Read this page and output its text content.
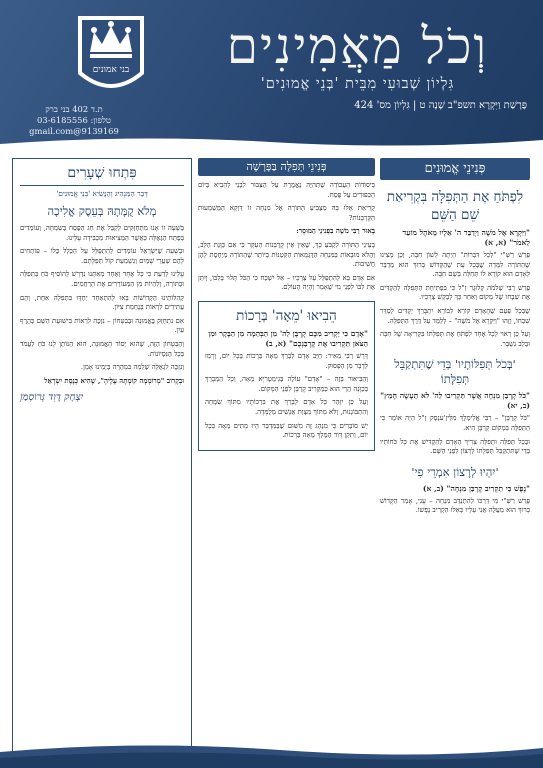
בני אמונים	וְכֹל מַאֲמִינִים
גִּלְיוֹן שְׁבוּעִי מִבֵּית 'בְּנֵי אֱמוּנִים'
פָּרָשַׁת וַיִּקְרָא תשפ"ב שָׁנָה ט | גִּלְיוֹן מס' 424
ת.ד 402 בני ברק
טלפון: 03-6185556
9139169@gmail.com
פְּנִינֵי אֱמוּנִים
לִפְתֹּחַ אֶת הַתְּפִלָּה בִּקְרִיאַת שֵׁם הַשֵּׁם
"וַיִּקְרָא אֶל מֹשֶׁה וַיְדַבֵּר ה' אֵלָיו מֵאֹהֶל מוֹעֵד לֵאמֹר" (א, א)

פֵּרֵשׁ רַשִּׁ"י "לְכָל דִּבְּרוֹת" הָיְתָה לָשׁוֹן חִבָּה, וְכֵן מָצִינוּ שֶׁהַתּוֹרָה לִמְּדָה שֶׁבְּכָל עֵת שֶׁהַקָּדוֹשׁ בָּרוּךְ הוּא מְדַבֵּר לָאָדָם הוּא קוֹרֵא לוֹ תְּחִלָּה בְּשֵׁם חִבָּה.

פֵּרֵשׁ רַבִּי שְׁלֹמֹה קְלוּגֶר זַ"ל כִּי בִּפְתִיחַת הַתְּפִלָּה לְהַקְדִּים אֶת שַׁבְחוֹ שֶׁל מָקוֹם וְאַחַר כָּךְ לְבַקֵּשׁ צְרָכָיו.

שֶׁבְּכָל פַּעַם שֶׁהָאָדָם קוֹרֵא לַבּוֹרֵא יִתְבָּרַךְ יַקְדִּים לְסַדֵּר שִׁבְחוֹ, וְזֶהוּ "וַיִּקְרָא אֶל מֹשֶׁה" – לְלַמֵּד עַל דֶּרֶךְ הַתְּפִלָּה.

וְעַל כֵּן רָאוּי לְכָל אֶחָד לִפְתֹּחַ אֶת תְּפִלָּתוֹ בִּקְרִיאָה שֶׁל חִבָּה וּבְלֵב נִשְׁבָּר.

'בְּכֹל תְּפִלּוֹתָיו' בְּדֵי שֶׁתִּתְקַבֵּל תְּפִלָּתוֹ
"כֹּל קָרְבַּן מִנְחָה אֲשֶׁר תַּקְרִיבוּ לַה' לֹא תֵעָשֶׂה חָמֵץ" (ב, יא)

"כֹּל קָרְבָּן" – רַבִּי אֱלִימֶלֶךְ מִלִּיזֶ'ענְסְק זַ"ל הָיָה אוֹמֵר כִּי הַתְּפִלָּה בִּמְקוֹם קָרְבָּן הִיא.

וּבְכָל תְּפִלָּה וּתְפִלָּה צָרִיךְ הָאָדָם לְהַקְדִּישׁ אֶת כָּל כֹּחוֹתָיו בְּדֵי שֶׁתִּתְקַבֵּל תְּפִלָּתוֹ לְרָצוֹן לִפְנֵי הַשֵּׁם.

'יִהְיוּ לְרָצוֹן אִמְרֵי פִי'
"נֶפֶשׁ כִּי תַקְרִיב קָרְבַּן מִנְחָה" (ב, א)

פֵּרֵשׁ רַשִּׁ"י מִי דַּרְכּוֹ לְהִתְנַדֵּב מִנְחָה – עָנִי, אָמַר הַקָּדוֹשׁ בָּרוּךְ הוּא מַעֲלֶה אֲנִי עָלָיו כְּאִלּוּ הִקְרִיב נַפְשׁוֹ.

פְּנִינֵי תְּפִלָּה בַּפָּרָשָׁה

בִּיסוֹדוֹת הָעֲבוֹדָה שֶׁתְּהִיֶּה נֶאֱמֶרֶת עַל הַצִּבּוּר לִבְנֵי לְהָבִיא בְּיוֹם הַכִּפּוּרִים עַל פֶּסַח.

קְרִיאַת אֵלּוּ בָּהּ מַצְבִּיעַ הַתּוֹרָה אֶל מִנְחָה זוֹ דַּוְקָא הַמַּשְׁמָעוּת הַקָּרְבָּנוֹת?

בָּאוּר רַבִּי מֹשֶׁה בִּפְנִינֵי הַמּוּסָר:

בְּעֵינֵי הַתּוֹרָה לִקְבֹּעַ כָּךְ, שֶׁאֵין אֵין קָרְבָּנוֹת הָעִקָּר כִּי אִם כַּוָּנַת הַלֵּב, וַהֲלֹא מוּבָאוֹת בַּמִּנְחָה הַדֻּגְמָאוֹת הַקְּטַנּוֹת בְּיוֹתֵר שֶׁהַתּוֹרָה מְיַחֶסֶת לָהֶן חֲשִׁיבוּת.

אִם אָדָם בָּא לְהִתְפַּלֵּל עַל צְרָכָיו – אַל יִשְׁכַּח כִּי הַכֹּל תָּלוּי בְּלִבּוֹ, וְיִתֵּן אֶת לִבּוֹ לִפְנֵי מִי שֶׁאָמַר וְהָיָה הָעוֹלָם.

הֵבִיאוּ 'מֵאָה' בְּרָכוֹת
"אָדָם כִּי יַקְרִיב מִכֶּם קָרְבָּן לַה' מִן הַבְּהֵמָה מִן הַבָּקָר וּמִן הַצֹּאן תַּקְרִיבוּ אֶת קָרְבַּנְכֶם" (א, ב)

דָּרַשׁ רַבִּי מֵאִיר: חַיָּב אָדָם לְבָרֵךְ מֵאָה בְּרָכוֹת בְּכָל יוֹם, וְרָמַז לְדָבָר מִן הַפָּסוּק.

וְהַבִּיאוּר בָּזֶה – "אָדָם" עוֹלֶה בְּגִימַטְרִיָּא מֵאָה, וְכָל הַמְבָרֵךְ בְּכַוָּנָה הֲרֵי הוּא כְּמַקְרִיב קָרְבָּן לִפְנֵי הַמָּקוֹם.

וְעַל כֵּן יִזָּהֵר כָּל אָדָם לְבָרֵךְ אֶת בִּרְכוֹתָיו מִתּוֹךְ שִׂמְחָה וְהִתְבּוֹנְנוּת, וְלֹא מִתּוֹךְ מִצְוַת אֲנָשִׁים מְלֻמָּדָה.

יְשׁ סוֹבְרִים כִּי מִנְהָג זֶה מִשּׁוּם שֶׁבַּמִּדְבָּר הָיוּ מֵתִים מֵאָה בְּכָל יוֹם, וְתִקֵּן דָּוִד הַמֶּלֶךְ מֵאָה בְּרָכוֹת.

פִּתְחוּ שְׁעָרִים
דְּבַר הַמַּנְהִיג וְהַנָּשִׂיא 'בְּנֵי אֱמוּנִים'
מְלֹא קֻמָּתָהּ בְּעֵסֶק אֱלִיכָה

בְּשָׁעָה זוֹ אָנוּ מִתְחַזְּקִים לְקַבֵּל אֶת חַג הַפֶּסַח בְּשִׂמְחָה, וְעוֹמְדִים בְּפֶתַח הַגְּאֻלָּה כַּאֲשֶׁר הַמְּצִיאוּת מַכְבִּידָה עָלֵינוּ.

וּבְשָׁעָה שֶׁיִּשְׂרָאֵל עוֹמְדִים לְהִתְפַּלֵּל עַל הַכְּלָל כֻּלּוֹ – פּוֹתְחִים לָהֶם שַׁעֲרֵי שָׁמַיִם וְנִשְׁמַעַת קוֹל תְּפִלָּתָם.

עָלֵינוּ לָדַעַת כִּי כָּל אֶחָד וְאֶחָד מֵאִתָּנוּ נִדְרָשׁ לְהוֹסִיף כֹּחַ בַּתְּפִלָּה וּבַתּוֹרָה, וְלִהְיוֹת מִן הַמְּעוֹרְרִים אֶת הָרַחֲמִים.

קְהִלּוֹתֵינוּ הַקְּדוֹשׁוֹת בָּאוּ לְהִתְאַחֵד יַחְדָּו בִּתְפִלָּה אַחַת, וְהֵם עֲתִידִים לִרְאוֹת בְּנֶחָמַת צִיּוֹן.

אִם נִתְחַזֵּק בֶּאֱמוּנָה וּבְבִטָּחוֹן – נִזְכֶּה לִרְאוֹת בִּישׁוּעַת הַשֵּׁם כְּהֶרֶף עַיִן.

וְהַבִּטָּחוֹן הַזֶּה, שֶׁהוּא יְסוֹד הָאֱמוּנָה, הוּא הַנּוֹתֵן לָנוּ כֹּחַ לַעֲמֹד בְּכָל הַנִּסְיוֹנוֹת.

וְנִזְכֶּה לִגְאֻלָּה שְׁלֵמָה בִּמְהֵרָה בְּיָמֵינוּ אָמֵן.

וּבְקָרוֹב "מְרוֹמְמָה קוֹמָתָהּ עָלֶיהָ", שֶׁהִיא כְּנֶסֶת יִשְׂרָאֵל

יִצְחָק דָּוִד גְּרוֹסְמַן
